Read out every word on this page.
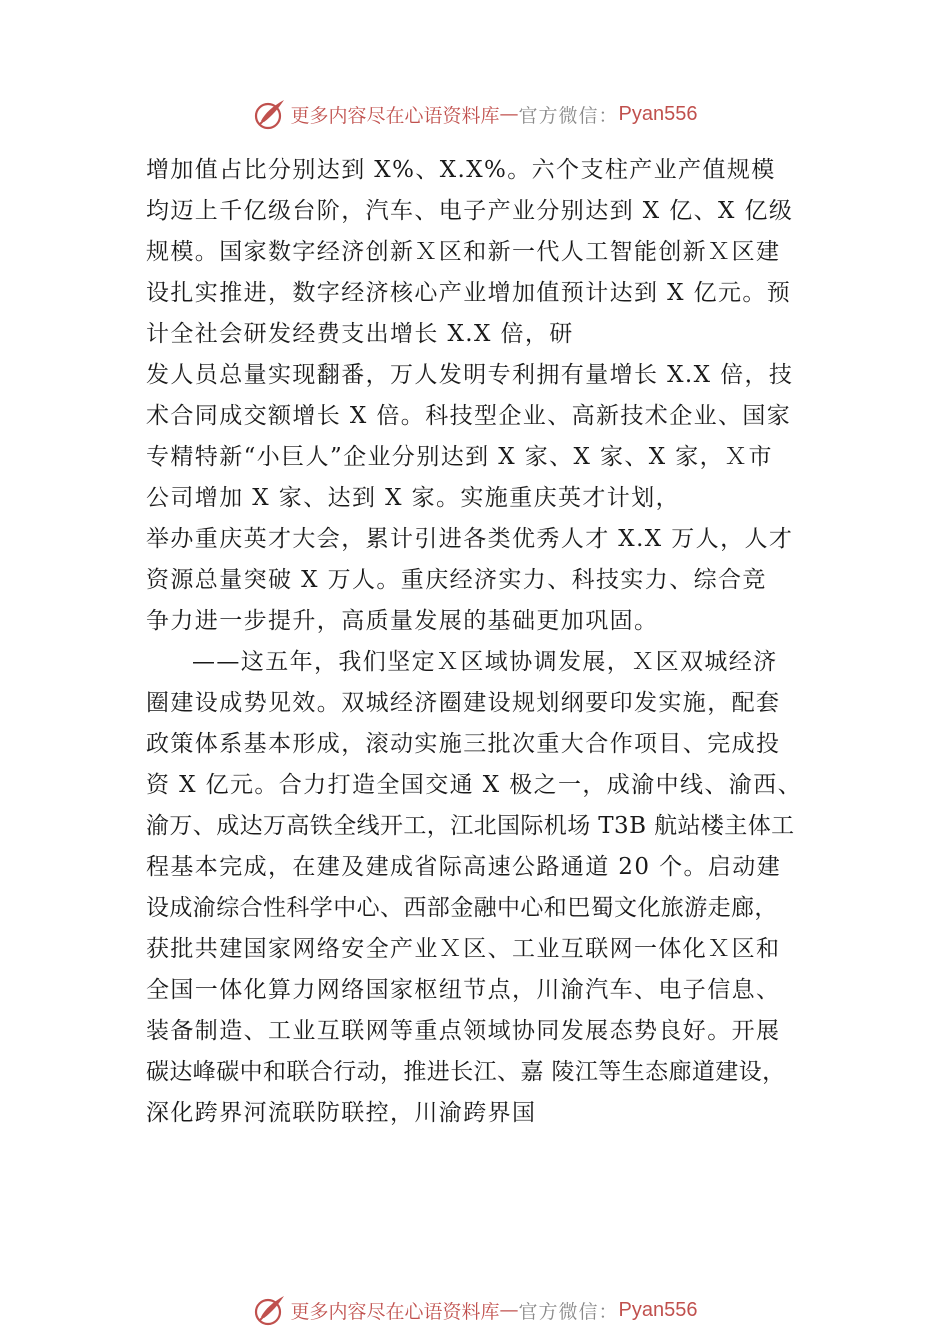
更多内容尽在心语资料库 — 官方微信： Pyan556
增加值占比分别达到 X%、X.X%。六个支柱产业产值规模
均迈上千亿级台阶，汽车、电子产业分别达到 X 亿、X 亿级
规模。国家数字经济创新Ｘ区和新一代人工智能创新Ｘ区建
设扎实推进，数字经济核心产业增加值预计达到 X 亿元。预
计全社会研发经费支出增长 X.X 倍，研
发人员总量实现翻番，万人发明专利拥有量增长 X.X 倍，技
术合同成交额增长 X 倍。科技型企业、高新技术企业、国家
专精特新“小巨人”企业分别达到 X 家、X 家、X 家，Ｘ市
公司增加 X 家、达到 X 家。实施重庆英才计划，
举办重庆英才大会，累计引进各类优秀人才 X.X 万人，人才
资源总量突破 X 万人。重庆经济实力、科技实力、综合竞
争力进一步提升，高质量发展的基础更加巩固。
——这五年，我们坚定Ｘ区域协调发展，Ｘ区双城经济
圈建设成势见效。双城经济圈建设规划纲要印发实施，配套
政策体系基本形成，滚动实施三批次重大合作项目、完成投
资 X 亿元。合力打造全国交通 X 极之一，成渝中线、渝西、
渝万、成达万高铁全线开工，江北国际机场 T3B 航站楼主体工
程基本完成，在建及建成省际高速公路通道 20 个。启动建
设成渝综合性科学中心、西部金融中心和巴蜀文化旅游走廊，
获批共建国家网络安全产业Ｘ区、工业互联网一体化Ｘ区和
全国一体化算力网络国家枢纽节点，川渝汽车、电子信息、
装备制造、工业互联网等重点领域协同发展态势良好。开展
碳达峰碳中和联合行动，推进长江、嘉 陵江等生态廊道建设，
深化跨界河流联防联控，川渝跨界国
更多内容尽在心语资料库 — 官方微信： Pyan556
